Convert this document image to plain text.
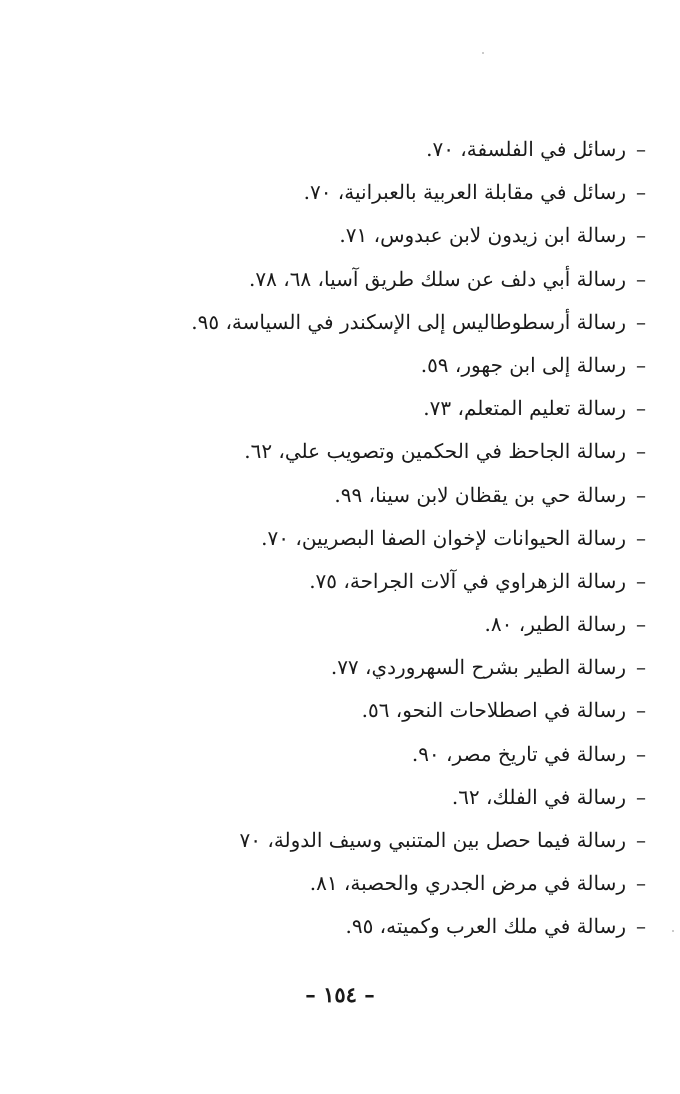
–رسائل في الفلسفة، ٧٠.
–رسائل في مقابلة العربية بالعبرانية، ٧٠.
–رسالة ابن زيدون لابن عبدوس، ٧١.
–رسالة أبي دلف عن سلك طريق آسيا، ٦٨، ٧٨.
–رسالة أرسطوطاليس إلى الإسكندر في السياسة، ٩٥.
–رسالة إلى ابن جهور، ٥٩.
–رسالة تعليم المتعلم، ٧٣.
–رسالة الجاحظ في الحكمين وتصويب علي، ٦٢.
–رسالة حي بن يقظان لابن سينا، ٩٩.
–رسالة الحيوانات لإخوان الصفا البصريين، ٧٠.
–رسالة الزهراوي في آلات الجراحة، ٧٥.
–رسالة الطير، ٨٠.
–رسالة الطير بشرح السهروردي، ٧٧.
–رسالة في اصطلاحات النحو، ٥٦.
–رسالة في تاريخ مصر، ٩٠.
–رسالة في الفلك، ٦٢.
–رسالة فيما حصل بين المتنبي وسيف الدولة، ٧٠
–رسالة في مرض الجدري والحصبة، ٨١.
–رسالة في ملك العرب وكميته، ٩٥.
– ١٥٤ –
